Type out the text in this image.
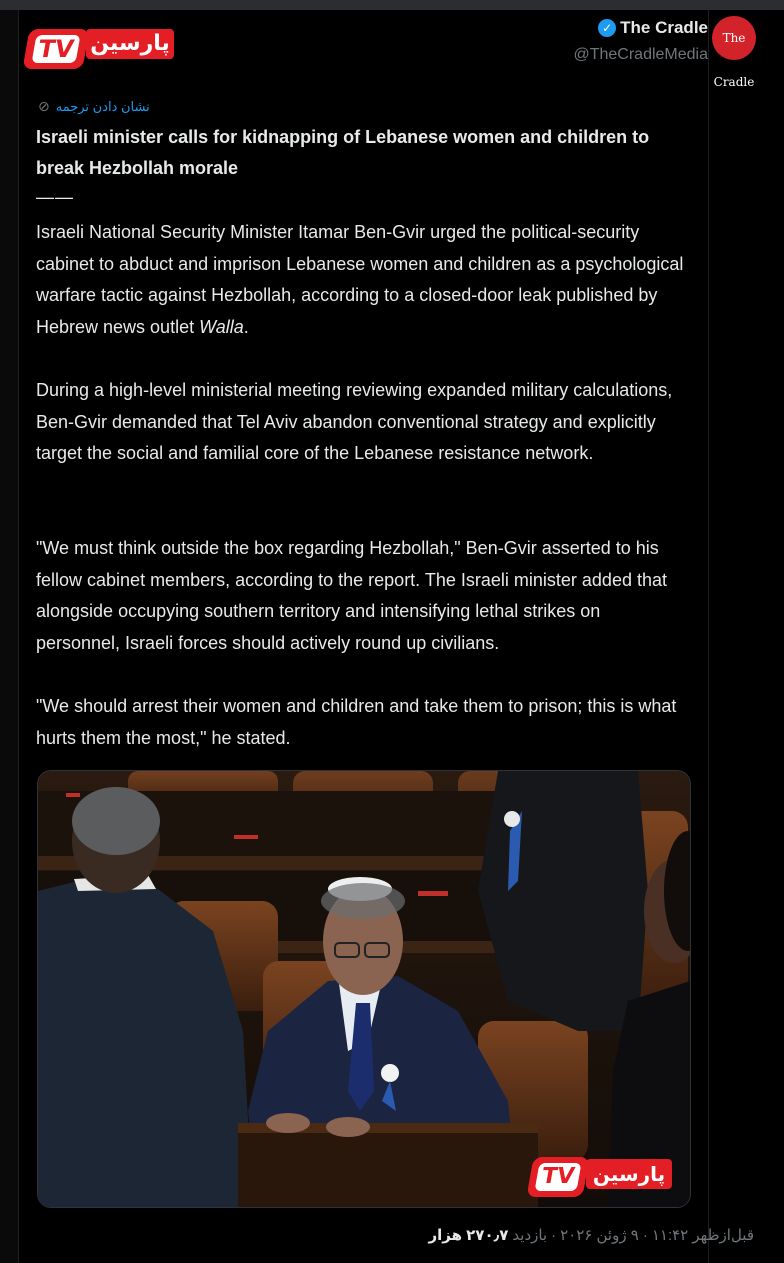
TV پارسین
✓ The Cradle
@TheCradleMedia
The Cradle
⊘ نشان دادن ترجمه
Israeli minister calls for kidnapping of Lebanese women and children to break Hezbollah morale
——
Israeli National Security Minister Itamar Ben-Gvir urged the political-security cabinet to abduct and imprison Lebanese women and children as a psychological warfare tactic against Hezbollah, according to a closed-door leak published by Hebrew news outlet Walla.
During a high-level ministerial meeting reviewing expanded military calculations, Ben-Gvir demanded that Tel Aviv abandon conventional strategy and explicitly target the social and familial core of the Lebanese resistance network.
"We must think outside the box regarding Hezbollah," Ben-Gvir asserted to his fellow cabinet members, according to the report. The Israeli minister added that alongside occupying southern territory and intensifying lethal strikes on personnel, Israeli forces should actively round up civilians.
"We should arrest their women and children and take them to prison; this is what hurts them the most," he stated.
TV پارسین
قبل‌ازظهر ۱۱:۴۲
·
۹ ژوئن ۲۰۲۶
·
بازدید
۲۷۰٫۷ هزار
